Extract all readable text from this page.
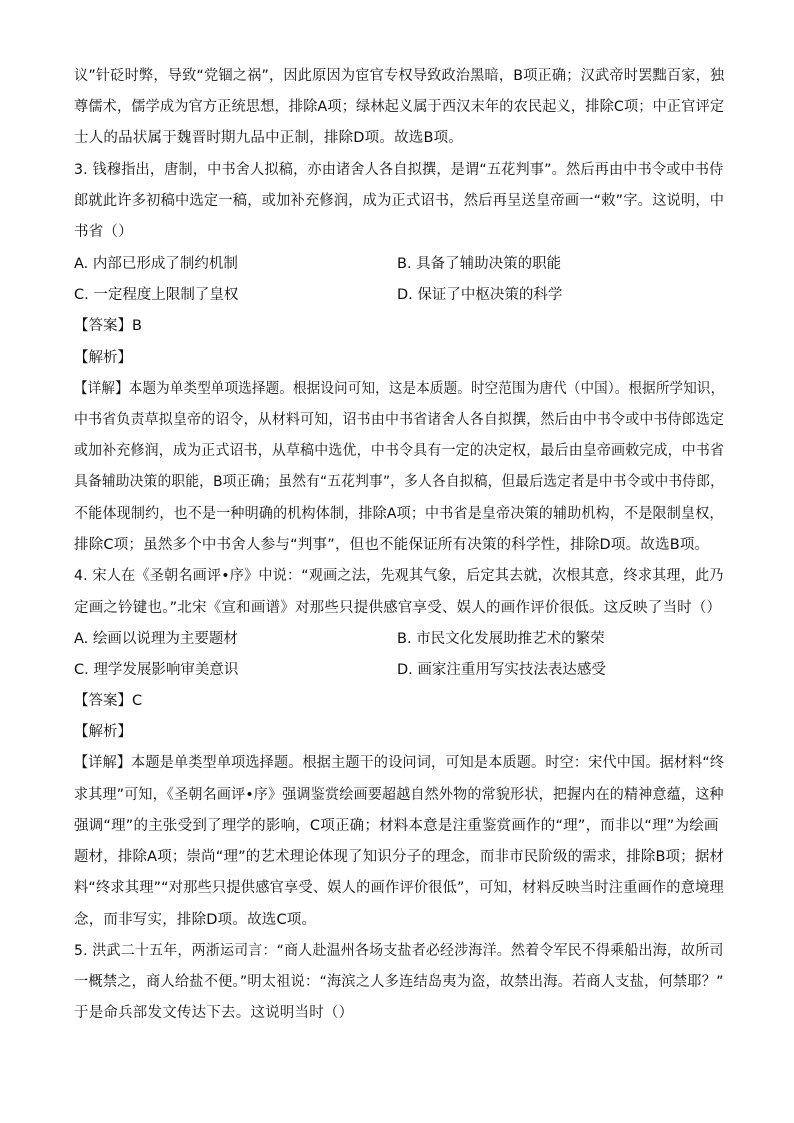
议”针砭时弊，导致“党锢之祸”，因此原因为宦官专权导致政治黑暗，B项正确；汉武帝时罢黜百家，独
尊儒术，儒学成为官方正统思想，排除A项；绿林起义属于西汉末年的农民起义，排除C项；中正官评定
士人的品状属于魏晋时期九品中正制，排除D项。故选B项。
3. 钱穆指出，唐制，中书舍人拟稿，亦由诸舍人各自拟撰，是谓“五花判事”。然后再由中书令或中书侍
郎就此许多初稿中选定一稿，或加补充修润，成为正式诏书，然后再呈送皇帝画一“敕”字。这说明，中
书省（）
A. 内部已形成了制约机制	B. 具备了辅助决策的职能
C. 一定程度上限制了皇权	D. 保证了中枢决策的科学
【答案】B
【解析】
【详解】本题为单类型单项选择题。根据设问可知，这是本质题。时空范围为唐代（中国）。根据所学知识，
中书省负责草拟皇帝的诏令，从材料可知，诏书由中书省诸舍人各自拟撰，然后由中书令或中书侍郎选定
或加补充修润，成为正式诏书，从草稿中选优，中书令具有一定的决定权，最后由皇帝画敕完成，中书省
具备辅助决策的职能，B项正确；虽然有“五花判事”，多人各自拟稿，但最后选定者是中书令或中书侍郎，
不能体现制约，也不是一种明确的机构体制，排除A项；中书省是皇帝决策的辅助机构，不是限制皇权，
排除C项；虽然多个中书舍人参与“判事”，但也不能保证所有决策的科学性，排除D项。故选B项。
4. 宋人在《圣朝名画评•序》中说：“观画之法，先观其气象，后定其去就，次根其意，终求其理，此乃
定画之钤键也。”北宋《宣和画谱》对那些只提供感官享受、娱人的画作评价很低。这反映了当时（）
A. 绘画以说理为主要题材	B. 市民文化发展助推艺术的繁荣
C. 理学发展影响审美意识	D. 画家注重用写实技法表达感受
【答案】C
【解析】
【详解】本题是单类型单项选择题。根据主题干的设问词，可知是本质题。时空：宋代中国。据材料“终
求其理”可知，《圣朝名画评•序》强调鉴赏绘画要超越自然外物的常貌形状，把握内在的精神意蕴，这种
强调“理”的主张受到了理学的影响，C项正确；材料本意是注重鉴赏画作的“理”，而非以“理”为绘画
题材，排除A项；崇尚“理”的艺术理论体现了知识分子的理念，而非市民阶级的需求，排除B项；据材
料“终求其理”“对那些只提供感官享受、娱人的画作评价很低”，可知，材料反映当时注重画作的意境理
念，而非写实，排除D项。故选C项。
5. 洪武二十五年，两浙运司言：“商人赴温州各场支盐者必经涉海洋。然着令军民不得乘船出海，故所司
一概禁之，商人给盐不便。”明太祖说：“海滨之人多连结岛夷为盗，故禁出海。若商人支盐，何禁耶？”
于是命兵部发文传达下去。这说明当时（）
